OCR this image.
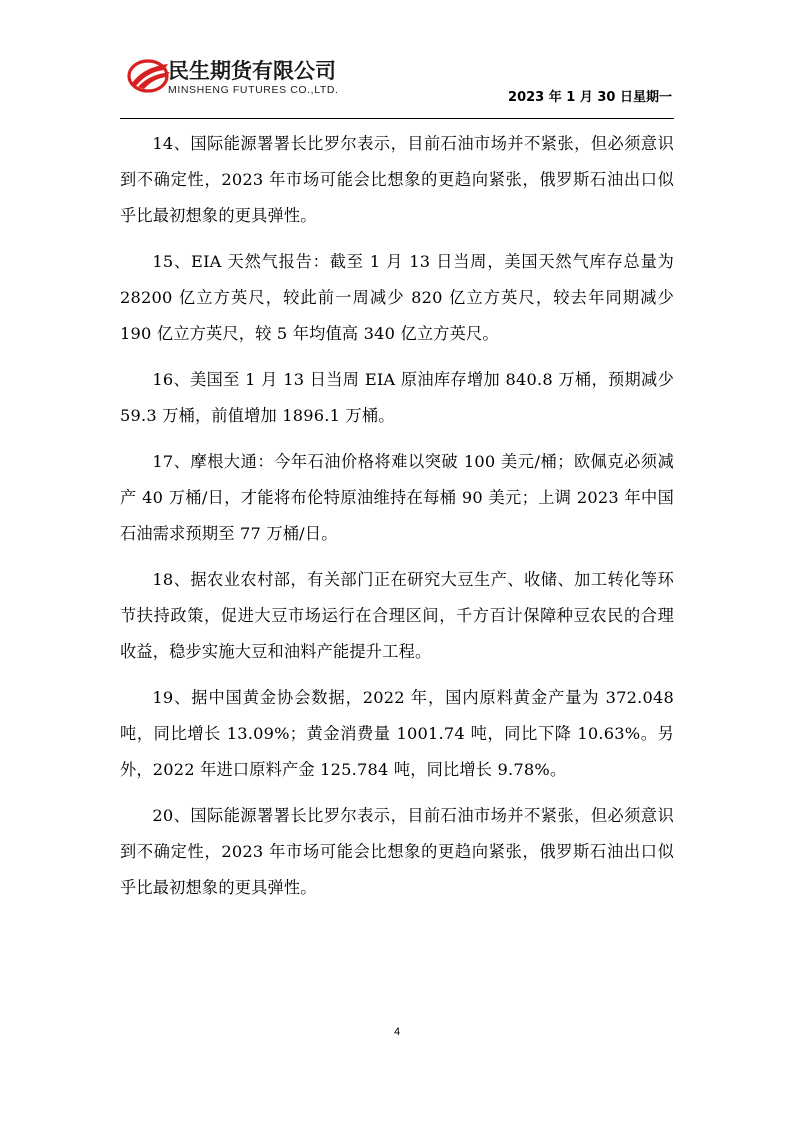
民生期货有限公司
MINSHENG FUTURES CO.,LTD.	2023 年 1 月 30 日星期一

14、国际能源署署长比罗尔表示，目前石油市场并不紧张，但必须意识到不确定性，2023 年市场可能会比想象的更趋向紧张，俄罗斯石油出口似乎比最初想象的更具弹性。

15、EIA 天然气报告：截至 1 月 13 日当周，美国天然气库存总量为 28200 亿立方英尺，较此前一周减少 820 亿立方英尺，较去年同期减少 190 亿立方英尺，较 5 年均值高 340 亿立方英尺。

16、美国至 1 月 13 日当周 EIA 原油库存增加 840.8 万桶，预期减少 59.3 万桶，前值增加 1896.1 万桶。

17、摩根大通：今年石油价格将难以突破 100 美元/桶；欧佩克必须减产 40 万桶/日，才能将布伦特原油维持在每桶 90 美元；上调 2023 年中国石油需求预期至 77 万桶/日。

18、据农业农村部，有关部门正在研究大豆生产、收储、加工转化等环节扶持政策，促进大豆市场运行在合理区间，千方百计保障种豆农民的合理收益，稳步实施大豆和油料产能提升工程。

19、据中国黄金协会数据，2022 年，国内原料黄金产量为 372.048 吨，同比增长 13.09%；黄金消费量 1001.74 吨，同比下降 10.63%。另外，2022 年进口原料产金 125.784 吨，同比增长 9.78%。

20、国际能源署署长比罗尔表示，目前石油市场并不紧张，但必须意识到不确定性，2023 年市场可能会比想象的更趋向紧张，俄罗斯石油出口似乎比最初想象的更具弹性。

4
